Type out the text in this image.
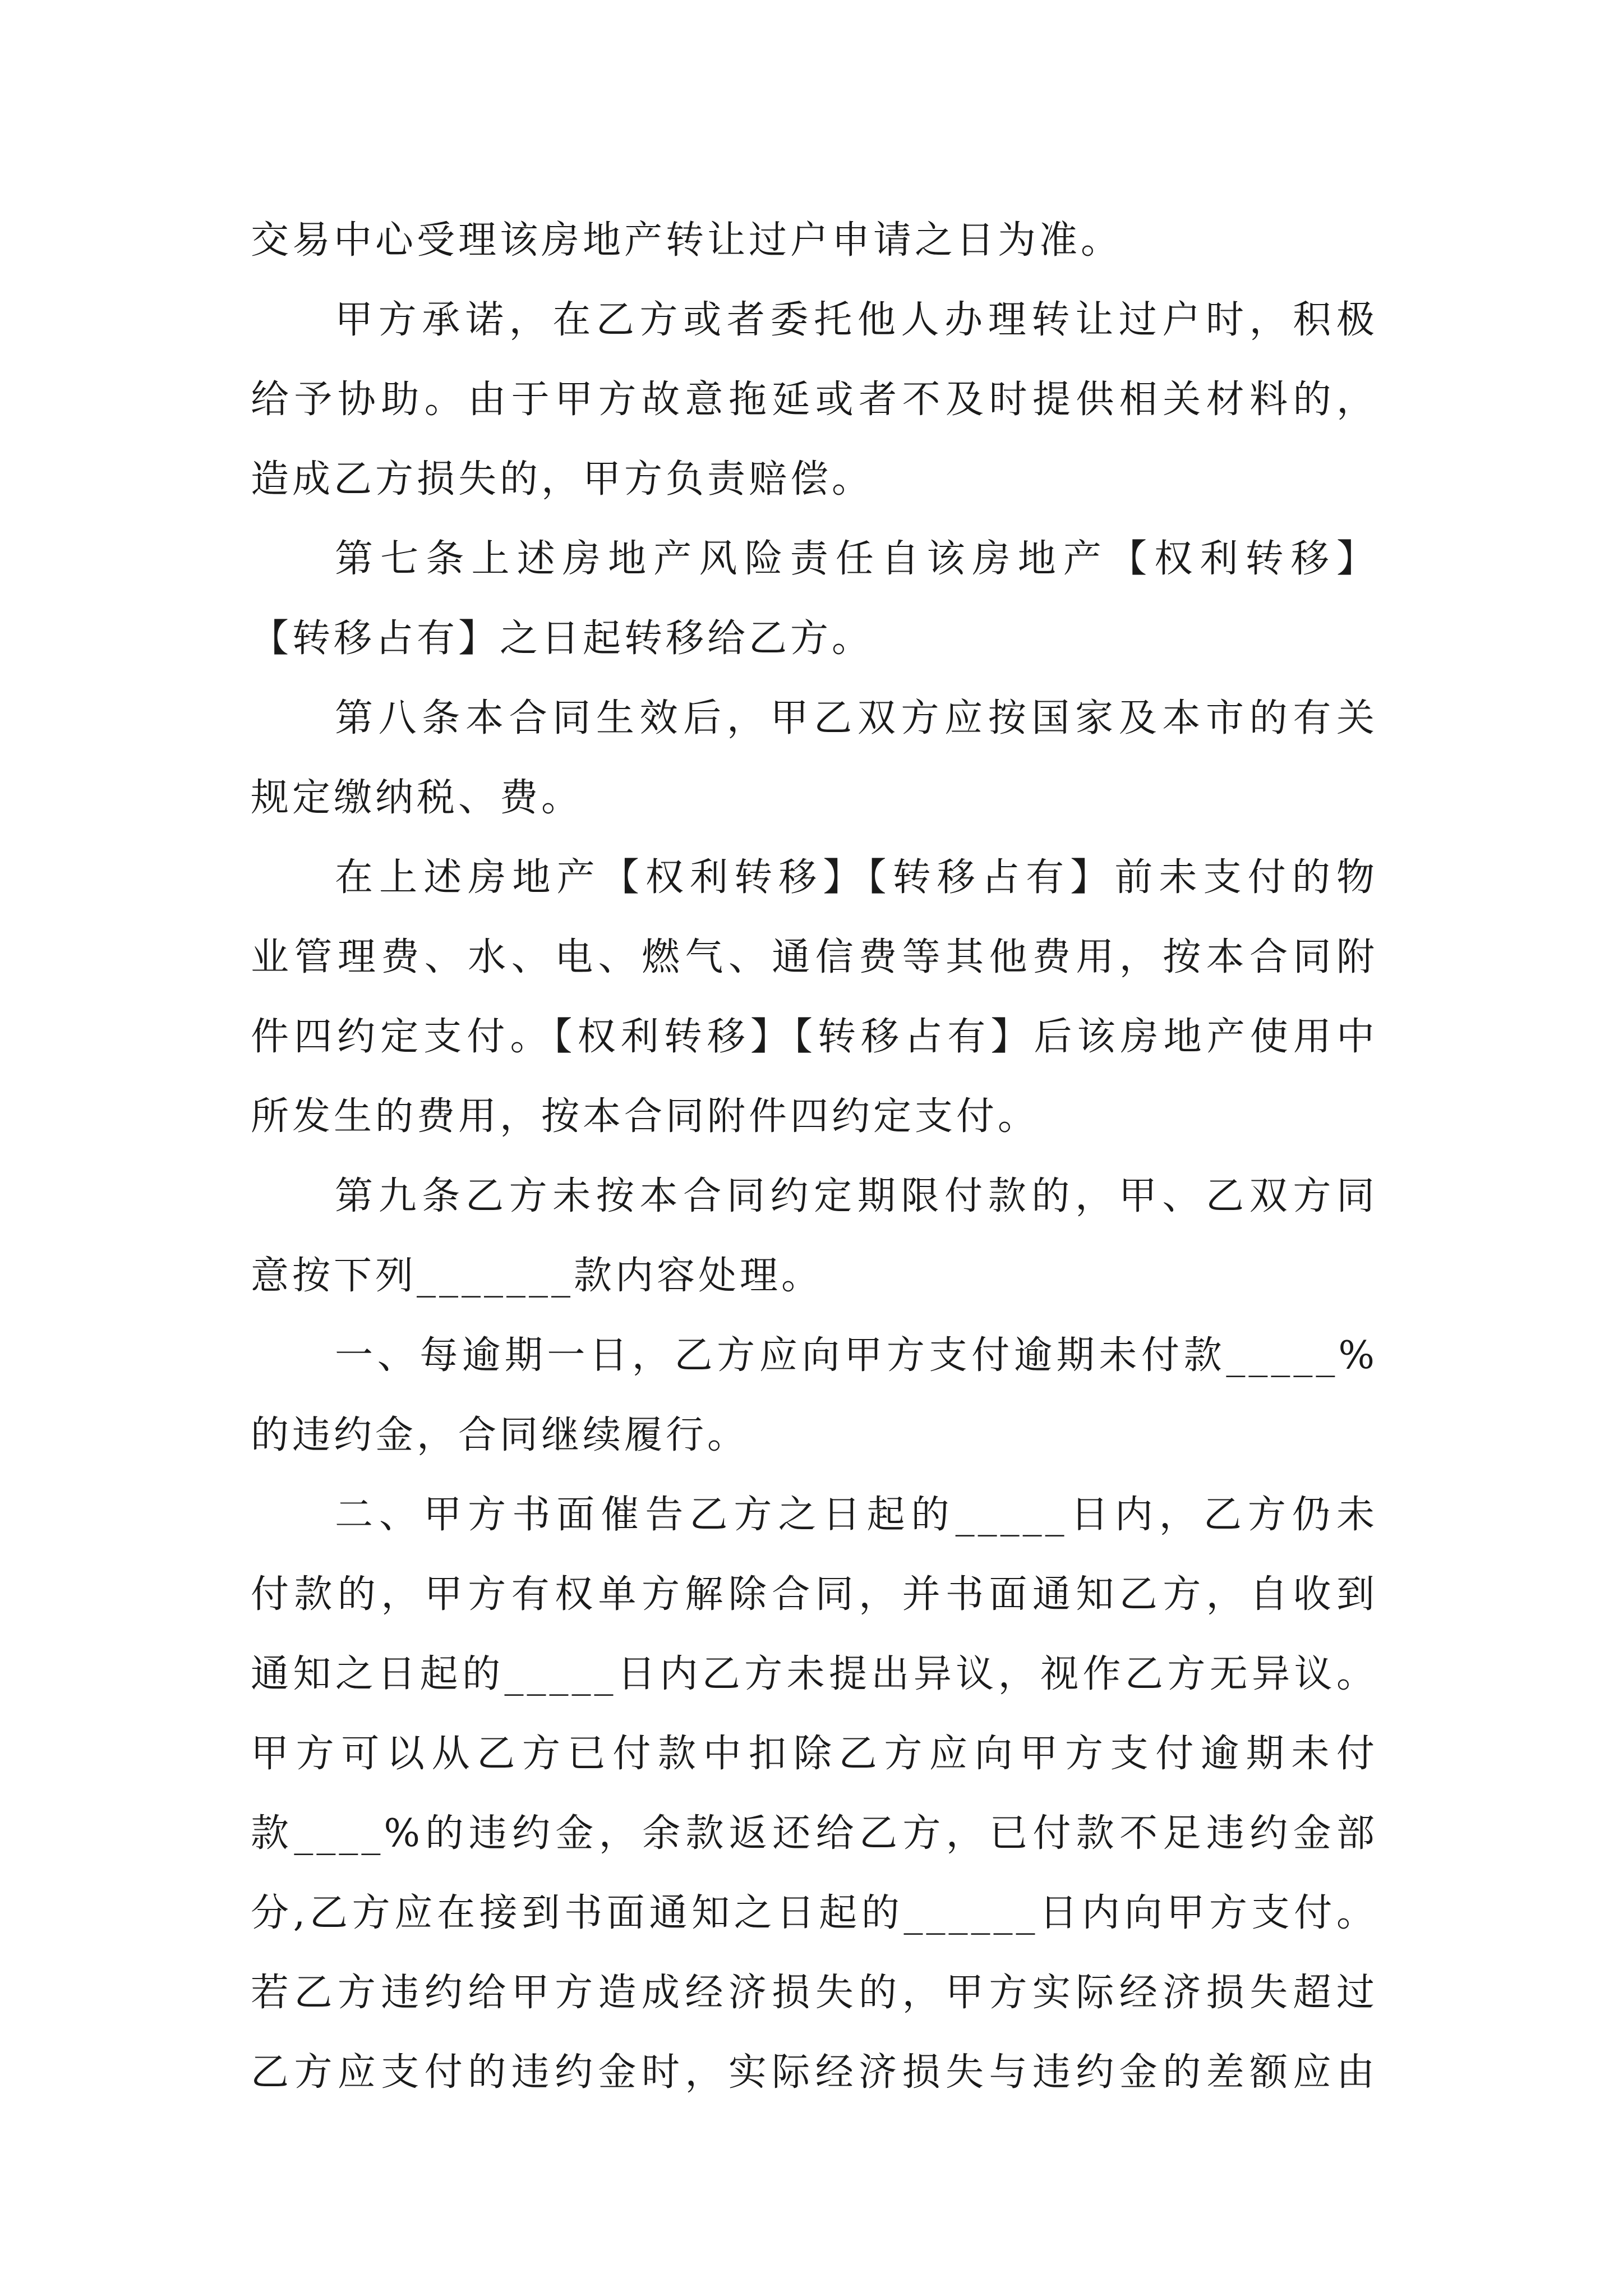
交易中心受理该房地产转让过户申请之日为准。
甲方承诺，在乙方或者委托他人办理转让过户时，积极
给予协助。由于甲方故意拖延或者不及时提供相关材料的，
造成乙方损失的，甲方负责赔偿。
第七条上述房地产风险责任自该房地产【权利转移】
【转移占有】之日起转移给乙方。
第八条本合同生效后，甲乙双方应按国家及本市的有关
规定缴纳税、费。
在上述房地产【权利转移】【转移占有】前未支付的物
业管理费、水、电、燃气、通信费等其他费用，按本合同附
件四约定支付。【权利转移】【转移占有】后该房地产使用中
所发生的费用，按本合同附件四约定支付。
第九条乙方未按本合同约定期限付款的，甲、乙双方同
意按下列_______款内容处理。
一、每逾期一日，乙方应向甲方支付逾期未付款_____%
的违约金，合同继续履行。
二、甲方书面催告乙方之日起的_____日内，乙方仍未
付款的，甲方有权单方解除合同，并书面通知乙方，自收到
通知之日起的_____日内乙方未提出异议，视作乙方无异议。
甲方可以从乙方已付款中扣除乙方应向甲方支付逾期未付
款____%的违约金，余款返还给乙方，已付款不足违约金部
分,乙方应在接到书面通知之日起的______日内向甲方支付。
若乙方违约给甲方造成经济损失的，甲方实际经济损失超过
乙方应支付的违约金时，实际经济损失与违约金的差额应由
